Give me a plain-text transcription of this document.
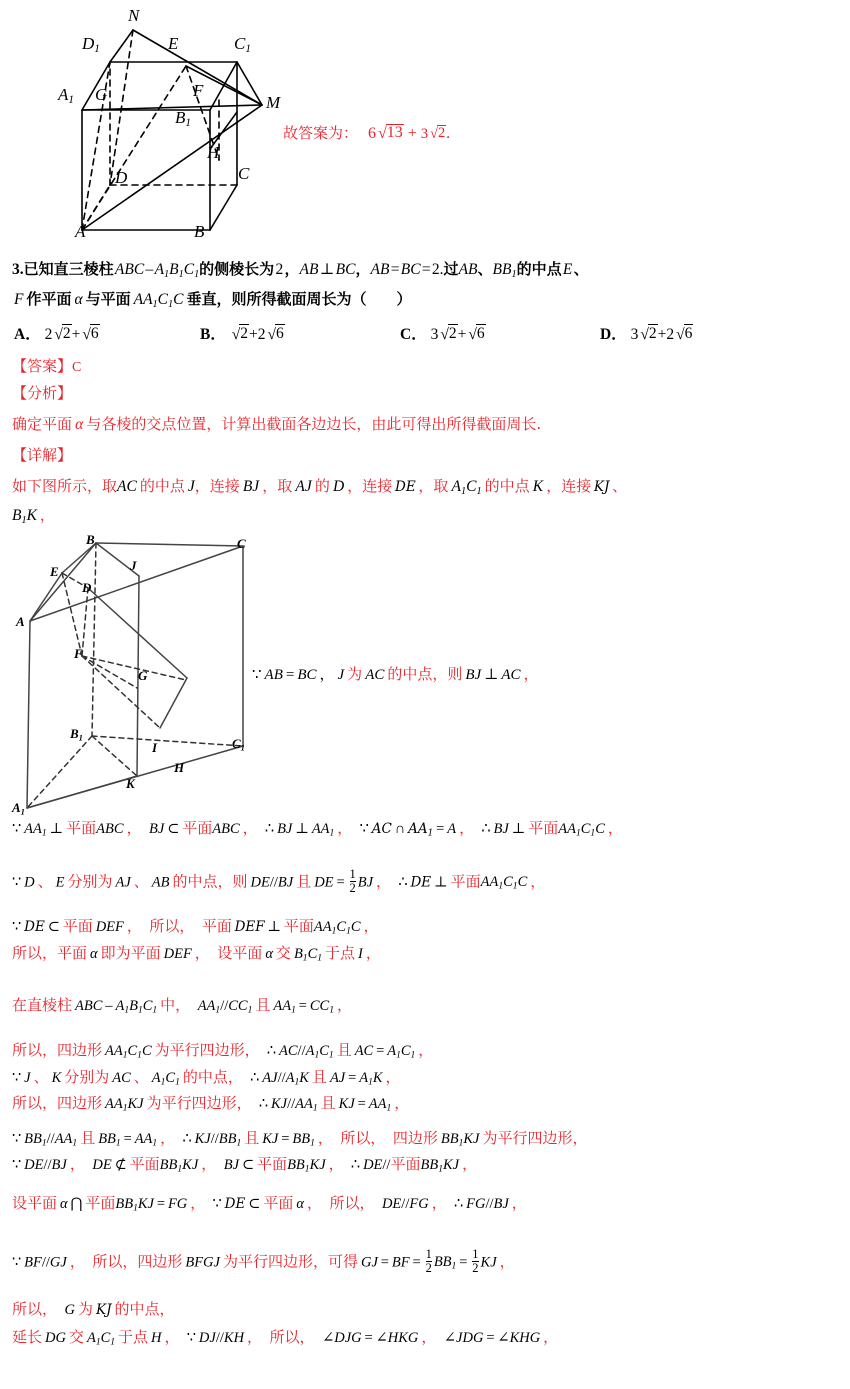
N
$D_1$	E	$C_1$
$A_1$ G	F
M
$B_1$
H
D	C
A	B
故答案为： 6 √13 + 3 √2.
3.已知直三棱柱 ABC – $A_1B_1C_1$的侧棱长为 2 ，AB ⊥ BC，AB = BC = 2.过AB、$BB_1$的中点 E 、
F 作平面 α 与平面 $AA_1C_1C$ 垂直，则所得截面周长为（　　）
A． 2 √2+ √6	B． √2+2 √6	C． 3 √2+ √6	D． 3 √2+2 √6
【答案】C
【分析】
确定平面 α 与各棱的交点位置，计算出截面各边边长，由此可得出所得截面周长.
【详解】
如下图所示，取AC 的中点 J，连接 BJ ，取 AJ 的 D ，连接 DE ，取 $A_1C_1$  的中点 K ，连接 KJ 、
$B_1K$ ，
B	C
E	J
D
A
F
G
$B_1$
I	$C_1$
H
K
$A_1$
∵ AB = BC ， J 为 AC 的中点，则 BJ ⊥ AC ，
∵ $AA_1$ ⊥ 平面ABC ， BJ ⊂ 平面ABC ， ∴ BJ ⊥ $AA_1$ ， ∵ AC ∩ $AA_1 = A$ ， ∴ BJ ⊥ 平面$AA_1C_1C$ ，
∵ D 、 E 分别为 AJ 、 AB 的中点，则 DE//BJ 且 DE =  $\frac{1}{2}$ BJ ， ∴ DE ⊥ 平面$AA_1C_1C$ ，
∵ DE ⊂ 平面 DEF ， 所以， 平面 DEF ⊥ 平面$AA_1C_1C$ ，
所以，平面 α 即为平面 DEF ， 设平面 α 交 $B_1C_1$ 于点 I ，
在直棱柱 ABC – $A_1B_1C_1$ 中， $AA_1//CC_1$ 且 $AA_1 = CC_1$ ，
所以，四边形 $AA_1C_1C$ 为平行四边形， ∴ $AC//A_1C_1$ 且 AC = $A_1C_1$ ，
∵ J 、 K 分别为 AC 、 $A_1C_1$ 的中点， ∴ $AJ//A_1K$ 且 AJ = $A_1K$ ，
所以，四边形 $AA_1KJ$ 为平行四边形， ∴ $KJ//AA_1$ 且 KJ = $AA_1$ ，
∵ $BB_1//AA_1$ 且 $BB_1 = AA_1$ ， ∴ $KJ//BB_1$ 且 KJ = $BB_1$ ， 所以， 四边形 $BB_1KJ$ 为平行四边形，
∵ DE//BJ ， DE ⊄ 平面$BB_1KJ$ ， BJ ⊂ 平面$BB_1KJ$ ， ∴ DE//平面$BB_1KJ$ ，
设平面 α ⋂ 平面$BB_1KJ$ = FG ， ∵ DE ⊂ 平面 α ， 所以， DE//FG ， ∴ FG//BJ ，
∵ BF//GJ ， 所以，四边形 BFGJ 为平行四边形，可得 GJ = BF =  $\frac{1}{2} BB_1 = \frac{1}{2}$ KJ ，
所以， G 为 KJ 的中点，
延长 DG 交 $A_1C_1$ 于点 H ， ∵ DJ//KH ， 所以， ∠DJG = ∠HKG ， ∠JDG = ∠KHG ，
